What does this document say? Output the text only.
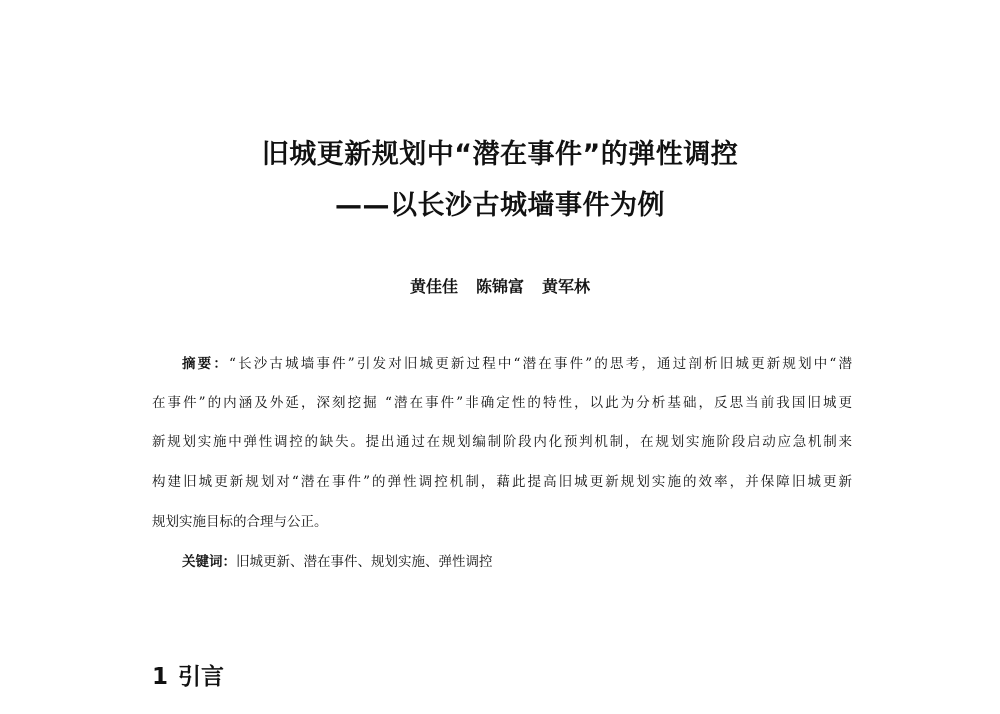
旧城更新规划中“潜在事件”的弹性调控
——以长沙古城墙事件为例
黄佳佳 陈锦富 黄军林
摘要：“长沙古城墙事件”引发对旧城更新过程中“潜在事件”的思考，通过剖析旧城更新规划中“潜
在事件”的内涵及外延，深刻挖掘 “潜在事件”非确定性的特性，以此为分析基础，反思当前我国旧城更
新规划实施中弹性调控的缺失。提出通过在规划编制阶段内化预判机制，在规划实施阶段启动应急机制来
构建旧城更新规划对“潜在事件”的弹性调控机制，藉此提高旧城更新规划实施的效率，并保障旧城更新
规划实施目标的合理与公正。
关键词：旧城更新、潜在事件、规划实施、弹性调控
1 引言
